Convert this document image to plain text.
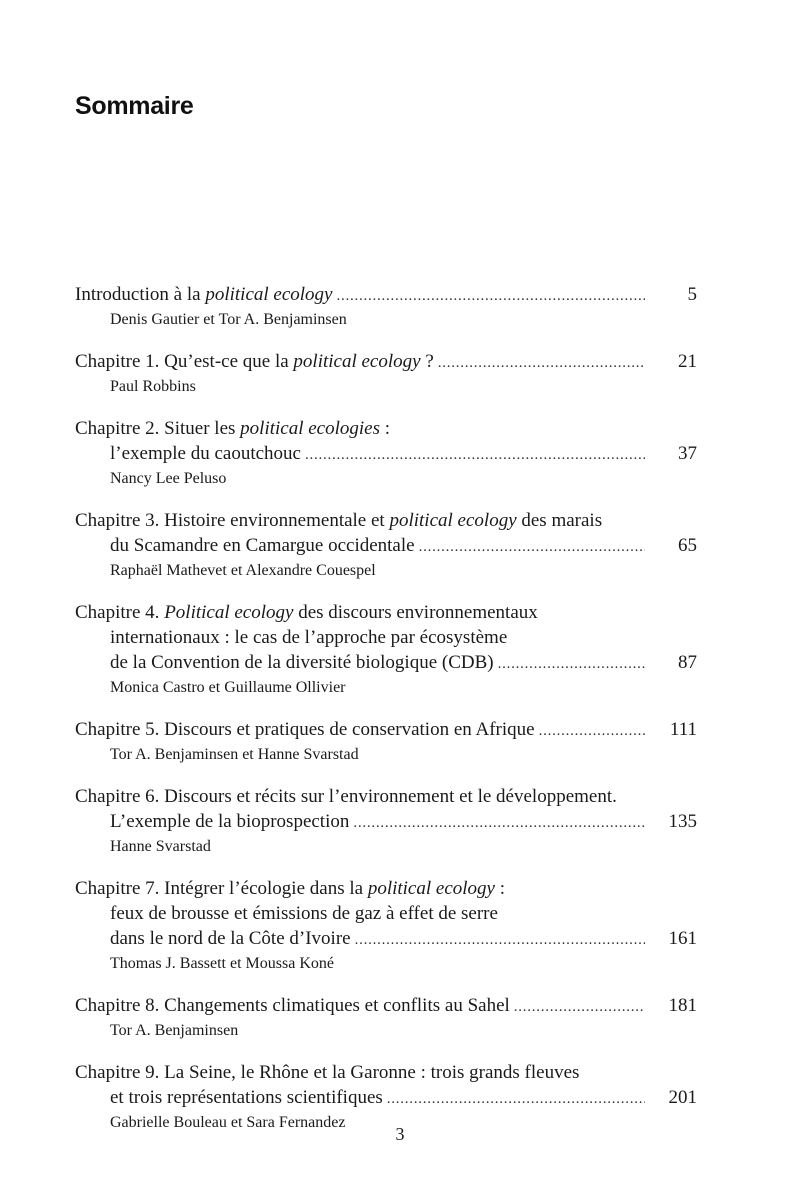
Sommaire
Introduction à la political ecology . . .	5
Denis Gautier et Tor A. Benjaminsen
Chapitre 1. Qu’est-ce que la political ecology ? . . .	21
Paul Robbins
Chapitre 2. Situer les political ecologies :
l’exemple du caoutchouc . . .	37
Nancy Lee Peluso
Chapitre 3. Histoire environnementale et political ecology des marais
du Scamandre en Camargue occidentale . . .	65
Raphaël Mathevet et Alexandre Couespel
Chapitre 4. Political ecology des discours environnementaux
internationaux : le cas de l’approche par écosystème
de la Convention de la diversité biologique (CDB) . . .	87
Monica Castro et Guillaume Ollivier
Chapitre 5. Discours et pratiques de conservation en Afrique . . .	111
Tor A. Benjaminsen et Hanne Svarstad
Chapitre 6. Discours et récits sur l’environnement et le développement.
L’exemple de la bioprospection . . .	135
Hanne Svarstad
Chapitre 7. Intégrer l’écologie dans la political ecology :
feux de brousse et émissions de gaz à effet de serre
dans le nord de la Côte d’Ivoire . . .	161
Thomas J. Bassett et Moussa Koné
Chapitre 8. Changements climatiques et conflits au Sahel . . .	181
Tor A. Benjaminsen
Chapitre 9. La Seine, le Rhône et la Garonne : trois grands fleuves
et trois représentations scientifiques . . .	201
Gabrielle Bouleau et Sara Fernandez
3
